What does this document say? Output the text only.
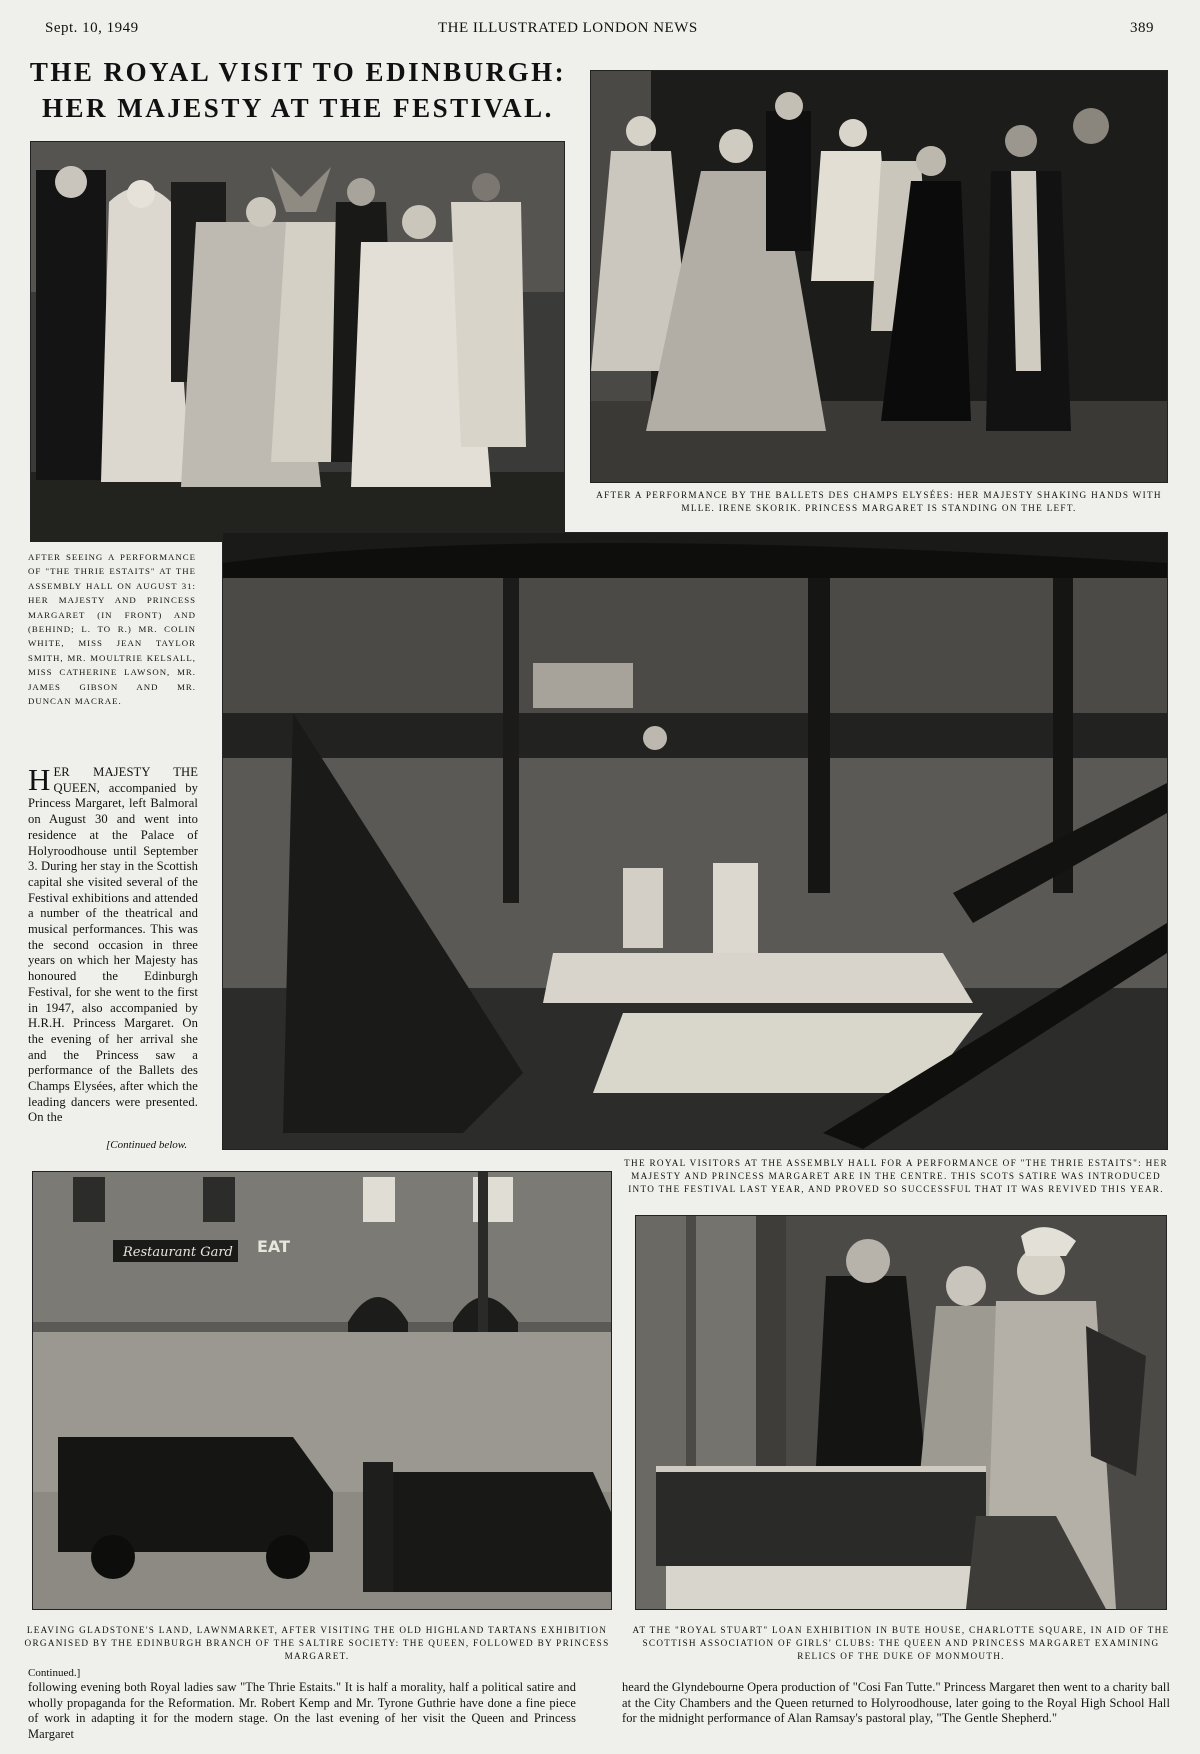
Sept. 10, 1949	THE ILLUSTRATED LONDON NEWS	389
THE ROYAL VISIT TO EDINBURGH:
HER MAJESTY AT THE FESTIVAL.
AFTER A PERFORMANCE BY THE BALLETS DES CHAMPS ELYSÉES: HER MAJESTY SHAKING HANDS WITH MLLE. IRENE SKORIK. PRINCESS MARGARET IS STANDING ON THE LEFT.
AFTER SEEING A PERFORMANCE OF "THE THRIE ESTAITS" AT THE ASSEMBLY HALL ON AUGUST 31: HER MAJESTY AND PRINCESS MARGARET (IN FRONT) AND (BEHIND; L. TO R.) MR. COLIN WHITE, MISS JEAN TAYLOR SMITH, MR. MOULTRIE KELSALL, MISS CATHERINE LAWSON, MR. JAMES GIBSON AND MR. DUNCAN MACRAE.
HER MAJESTY THE QUEEN, accompanied by Princess Margaret, left Balmoral on August 30 and went into residence at the Palace of Holyroodhouse until September 3. During her stay in the Scottish capital she visited several of the Festival exhibitions and attended a number of the theatrical and musical performances. This was the second occasion in three years on which her Majesty has honoured the Edinburgh Festival, for she went to the first in 1947, also accompanied by H.R.H. Princess Margaret. On the evening of her arrival she and the Princess saw a performance of the Ballets des Champs Elysées, after which the leading dancers were presented. On the
[Continued below.
THE ROYAL VISITORS AT THE ASSEMBLY HALL FOR A PERFORMANCE OF "THE THRIE ESTAITS": HER MAJESTY AND PRINCESS MARGARET ARE IN THE CENTRE. THIS SCOTS SATIRE WAS INTRODUCED INTO THE FESTIVAL LAST YEAR, AND PROVED SO SUCCESSFUL THAT IT WAS REVIVED THIS YEAR.
Restaurant Gard EAT
LEAVING GLADSTONE'S LAND, LAWNMARKET, AFTER VISITING THE OLD HIGHLAND TARTANS EXHIBITION ORGANISED BY THE EDINBURGH BRANCH OF THE SALTIRE SOCIETY: THE QUEEN, FOLLOWED BY PRINCESS MARGARET.
AT THE "ROYAL STUART" LOAN EXHIBITION IN BUTE HOUSE, CHARLOTTE SQUARE, IN AID OF THE SCOTTISH ASSOCIATION OF GIRLS' CLUBS: THE QUEEN AND PRINCESS MARGARET EXAMINING RELICS OF THE DUKE OF MONMOUTH.
Continued.]
following evening both Royal ladies saw "The Thrie Estaits." It is half a morality, half a political satire and wholly propaganda for the Reformation. Mr. Robert Kemp and Mr. Tyrone Guthrie have done a fine piece of work in adapting it for the modern stage. On the last evening of her visit the Queen and Princess Margaret
heard the Glyndebourne Opera production of "Cosi Fan Tutte." Princess Margaret then went to a charity ball at the City Chambers and the Queen returned to Holyroodhouse, later going to the Royal High School Hall for the midnight performance of Alan Ramsay's pastoral play, "The Gentle Shepherd."
